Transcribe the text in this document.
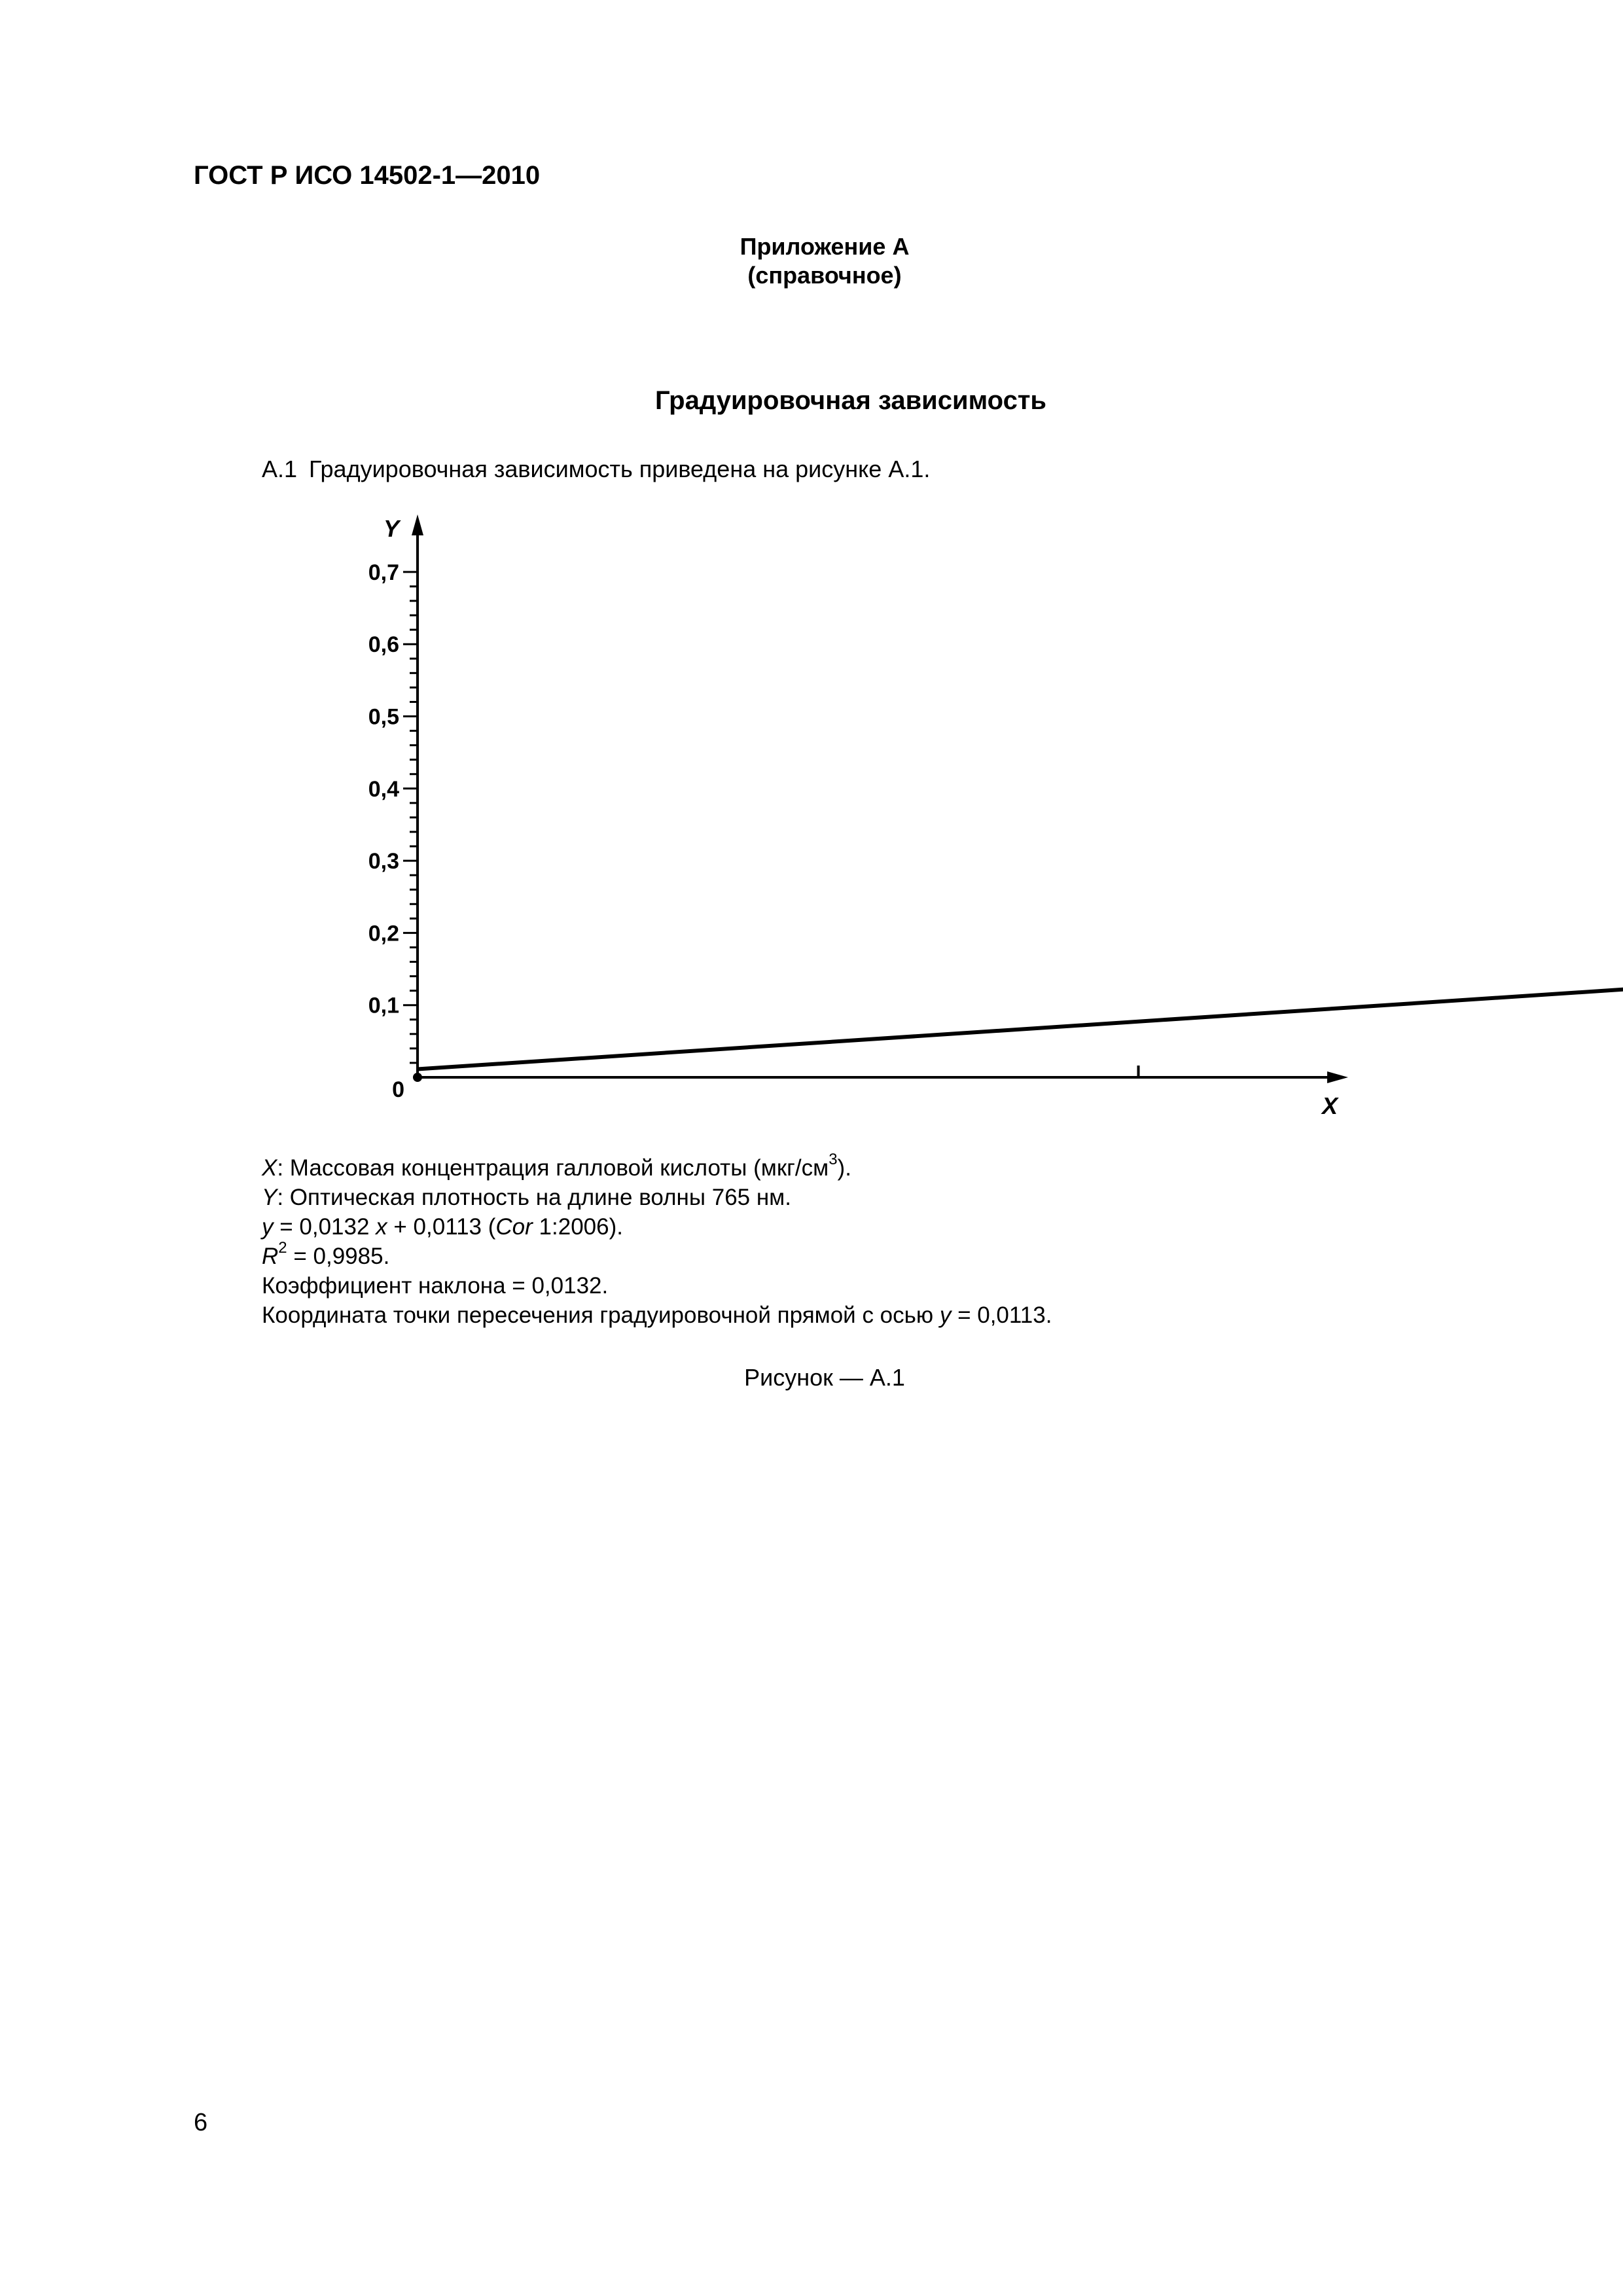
ГОСТ Р ИСО 14502-1—2010
Приложение А
(справочное)
Градуировочная зависимость
А.1 Градуировочная зависимость приведена на рисунке А.1.
0,1
0,2
0,3
0,4
0,5
0,6
0,7
0
X
Y
X: Массовая концентрация галловой кислоты $(мкг/см^3)$.
Y: Оптическая плотность на длине волны 765 нм.
y = 0,0132 x + 0,0113 (Cor 1:2006).
$R^2 = 0,9985$.
Коэффициент наклона = 0,0132.
Координата точки пересечения градуировочной прямой с осью y = 0,0113.
Рисунок — А.1
6
